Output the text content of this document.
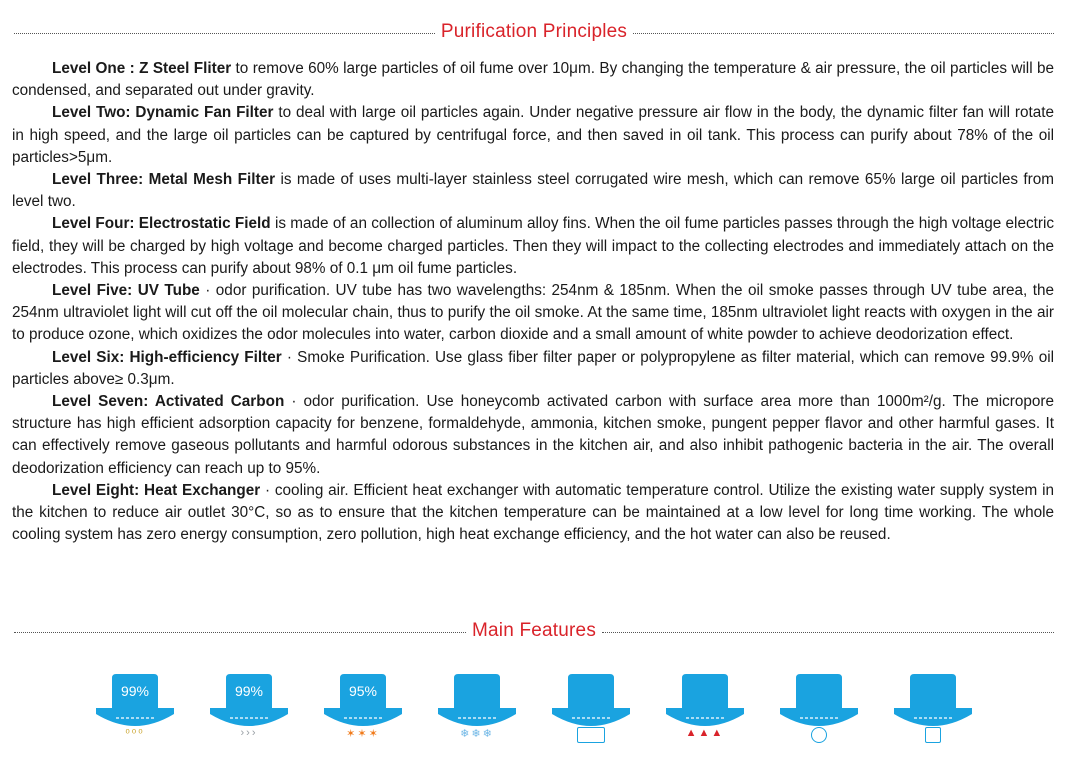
Purification Principles

Level One : Z Steel Fliter to remove 60% large particles of oil fume over 10μm. By changing the temperature & air pressure, the oil particles will be condensed, and separated out under gravity.

Level Two: Dynamic Fan Filter to deal with large oil particles again. Under negative pressure air flow in the body, the dynamic filter fan will rotate in high speed, and the large oil particles can be captured by centrifugal force, and then saved in oil tank. This process can purify about 78% of the oil particles>5μm.

Level Three: Metal Mesh Filter is made of uses multi-layer stainless steel corrugated wire mesh, which can remove 65% large oil particles from level two.

Level Four: Electrostatic Field is made of an collection of aluminum alloy fins. When the oil fume particles passes through the high voltage electric field, they will be charged by high voltage and become charged particles. Then they will impact to the collecting electrodes and immediately attach on the electrodes. This process can purify about 98% of 0.1 μm oil fume particles.

Level Five: UV Tube · odor purification. UV tube has two wavelengths: 254nm & 185nm. When the oil smoke passes through UV tube area, the 254nm ultraviolet light will cut off the oil molecular chain, thus to purify the oil smoke. At the same time, 185nm ultraviolet light reacts with oxygen in the air to produce ozone, which oxidizes the odor molecules into water, carbon dioxide and a small amount of white powder to achieve deodorization effect.

Level Six: High-efficiency Filter · Smoke Purification. Use glass fiber filter paper or polypropylene as filter material, which can remove 99.9% oil particles above≥ 0.3μm.

Level Seven: Activated Carbon · odor purification. Use honeycomb activated carbon with surface area more than 1000m²/g. The micropore structure has high efficient adsorption capacity for benzene, formaldehyde, ammonia, kitchen smoke, pungent pepper flavor and other harmful gases. It can effectively remove gaseous pollutants and harmful odorous substances in the kitchen air, and also inhibit pathogenic bacteria in the air. The overall deodorization efficiency can reach up to 95%.

Level Eight: Heat Exchanger · cooling air. Efficient heat exchanger with automatic temperature control. Utilize the existing water supply system in the kitchen to reduce air outlet 30°C, so as to ensure that the kitchen temperature can be maintained at a low level for long time working. The whole cooling system has zero energy consumption, zero pollution, high heat exchange efficiency, and the hot water can also be reused.

Main Features
99%
⁰⁰⁰
99%
›››
95%
✶✶✶	❄❄❄	▲▲▲
